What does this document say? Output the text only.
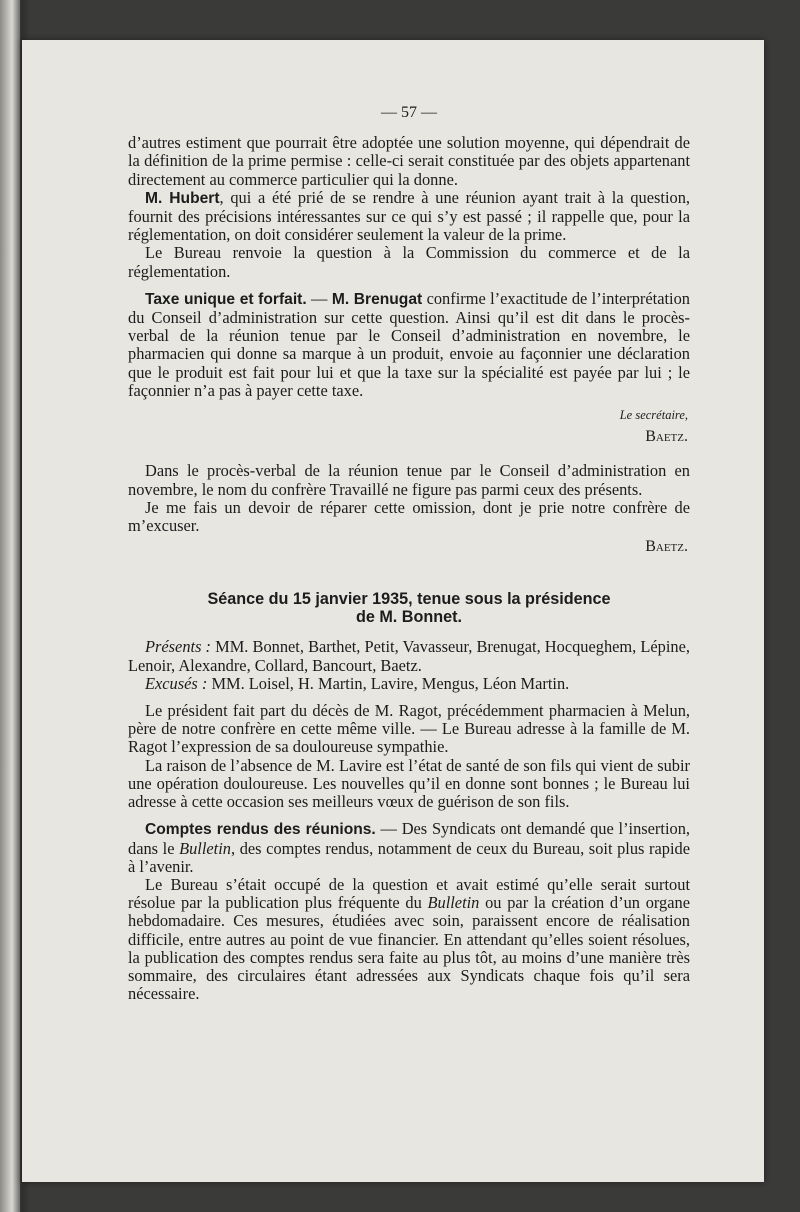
— 57 —

d’autres estiment que pourrait être adoptée une solution moyenne, qui dépendrait de la définition de la prime permise : celle-ci serait constituée par des objets appartenant directement au commerce particulier qui la donne.

M. Hubert, qui a été prié de se rendre à une réunion ayant trait à la question, fournit des précisions intéressantes sur ce qui s’y est passé ; il rappelle que, pour la réglementation, on doit considérer seulement la valeur de la prime.

Le Bureau renvoie la question à la Commission du commerce et de la réglementation.

Taxe unique et forfait. — M. Brenugat confirme l’exactitude de l’interprétation du Conseil d’administration sur cette question. Ainsi qu’il est dit dans le procès-verbal de la réunion tenue par le Conseil d’administration en novembre, le pharmacien qui donne sa marque à un produit, envoie au façonnier une déclaration que le produit est fait pour lui et que la taxe sur la spécialité est payée par lui ; le façonnier n’a pas à payer cette taxe.

Le secrétaire,
Baetz.

Dans le procès-verbal de la réunion tenue par le Conseil d’administration en novembre, le nom du confrère Travaillé ne figure pas parmi ceux des présents.

Je me fais un devoir de réparer cette omission, dont je prie notre confrère de m’excuser.

Baetz.
Séance du 15 janvier 1935, tenue sous la présidence
de M. Bonnet.

Présents : MM. Bonnet, Barthet, Petit, Vavasseur, Brenugat, Hocqueghem, Lépine, Lenoir, Alexandre, Collard, Bancourt, Baetz.

Excusés : MM. Loisel, H. Martin, Lavire, Mengus, Léon Martin.

Le président fait part du décès de M. Ragot, précédemment pharmacien à Melun, père de notre confrère en cette même ville. — Le Bureau adresse à la famille de M. Ragot l’expression de sa douloureuse sympathie.

La raison de l’absence de M. Lavire est l’état de santé de son fils qui vient de subir une opération douloureuse. Les nouvelles qu’il en donne sont bonnes ; le Bureau lui adresse à cette occasion ses meilleurs vœux de guérison de son fils.

Comptes rendus des réunions. — Des Syndicats ont demandé que l’insertion, dans le Bulletin, des comptes rendus, notamment de ceux du Bureau, soit plus rapide à l’avenir.

Le Bureau s’était occupé de la question et avait estimé qu’elle serait surtout résolue par la publication plus fréquente du Bulletin ou par la création d’un organe hebdomadaire. Ces mesures, étudiées avec soin, paraissent encore de réalisation difficile, entre autres au point de vue financier. En attendant qu’elles soient résolues, la publication des comptes rendus sera faite au plus tôt, au moins d’une manière très sommaire, des circulaires étant adressées aux Syndicats chaque fois qu’il sera nécessaire.
